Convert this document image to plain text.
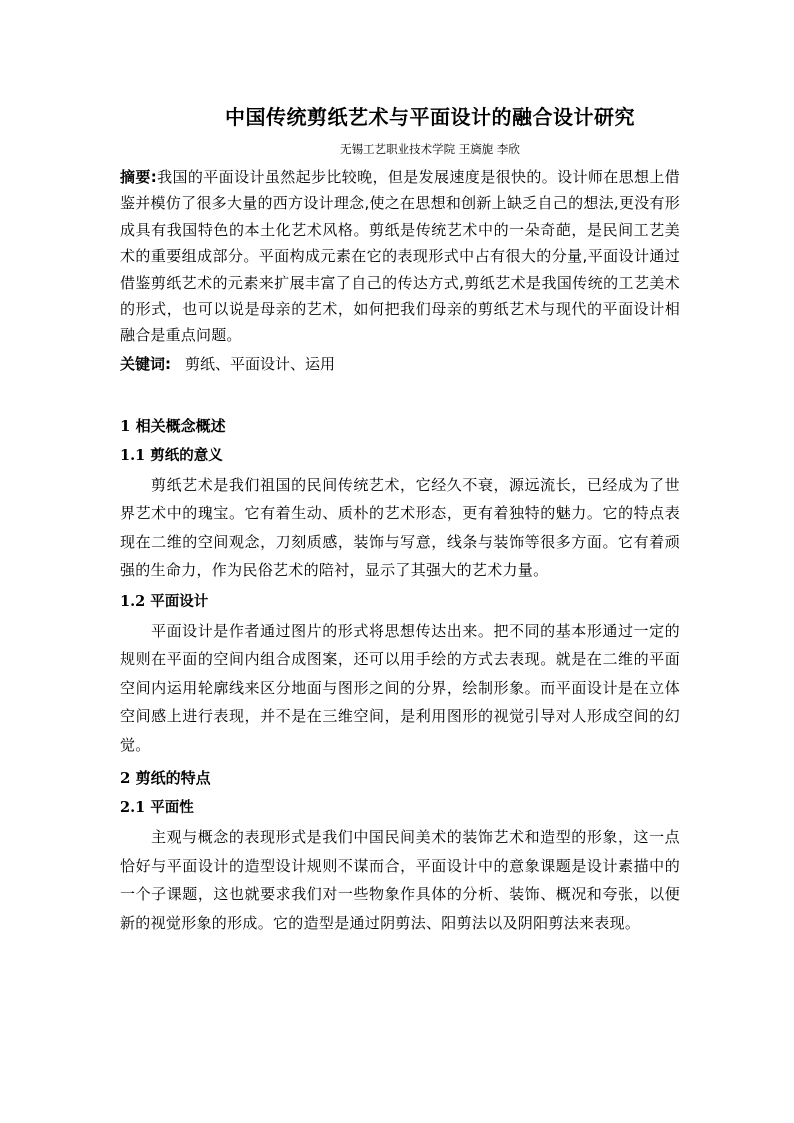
中国传统剪纸艺术与平面设计的融合设计研究
无锡工艺职业技术学院 王旖旎 李欣

摘要:我国的平面设计虽然起步比较晚，但是发展速度是很快的。设计师在思想上借鉴并模仿了很多大量的西方设计理念,使之在思想和创新上缺乏自己的想法,更没有形成具有我国特色的本土化艺术风格。剪纸是传统艺术中的一朵奇葩，是民间工艺美术的重要组成部分。平面构成元素在它的表现形式中占有很大的分量,平面设计通过借鉴剪纸艺术的元素来扩展丰富了自己的传达方式,剪纸艺术是我国传统的工艺美术的形式，也可以说是母亲的艺术，如何把我们母亲的剪纸艺术与现代的平面设计相融合是重点问题。

关键词: 剪纸、平面设计、运用

1 相关概念概述
1.1 剪纸的意义

剪纸艺术是我们祖国的民间传统艺术，它经久不衰，源远流长，已经成为了世界艺术中的瑰宝。它有着生动、质朴的艺术形态，更有着独特的魅力。它的特点表现在二维的空间观念，刀刻质感，装饰与写意，线条与装饰等很多方面。它有着顽强的生命力，作为民俗艺术的陪衬，显示了其强大的艺术力量。

1.2 平面设计

平面设计是作者通过图片的形式将思想传达出来。把不同的基本形通过一定的规则在平面的空间内组合成图案，还可以用手绘的方式去表现。就是在二维的平面空间内运用轮廓线来区分地面与图形之间的分界，绘制形象。而平面设计是在立体空间感上进行表现，并不是在三维空间，是利用图形的视觉引导对人形成空间的幻觉。

2 剪纸的特点
2.1 平面性

主观与概念的表现形式是我们中国民间美术的装饰艺术和造型的形象，这一点恰好与平面设计的造型设计规则不谋而合，平面设计中的意象课题是设计素描中的一个子课题，这也就要求我们对一些物象作具体的分析、装饰、概况和夸张，以便新的视觉形象的形成。它的造型是通过阴剪法、阳剪法以及阴阳剪法来表现。
